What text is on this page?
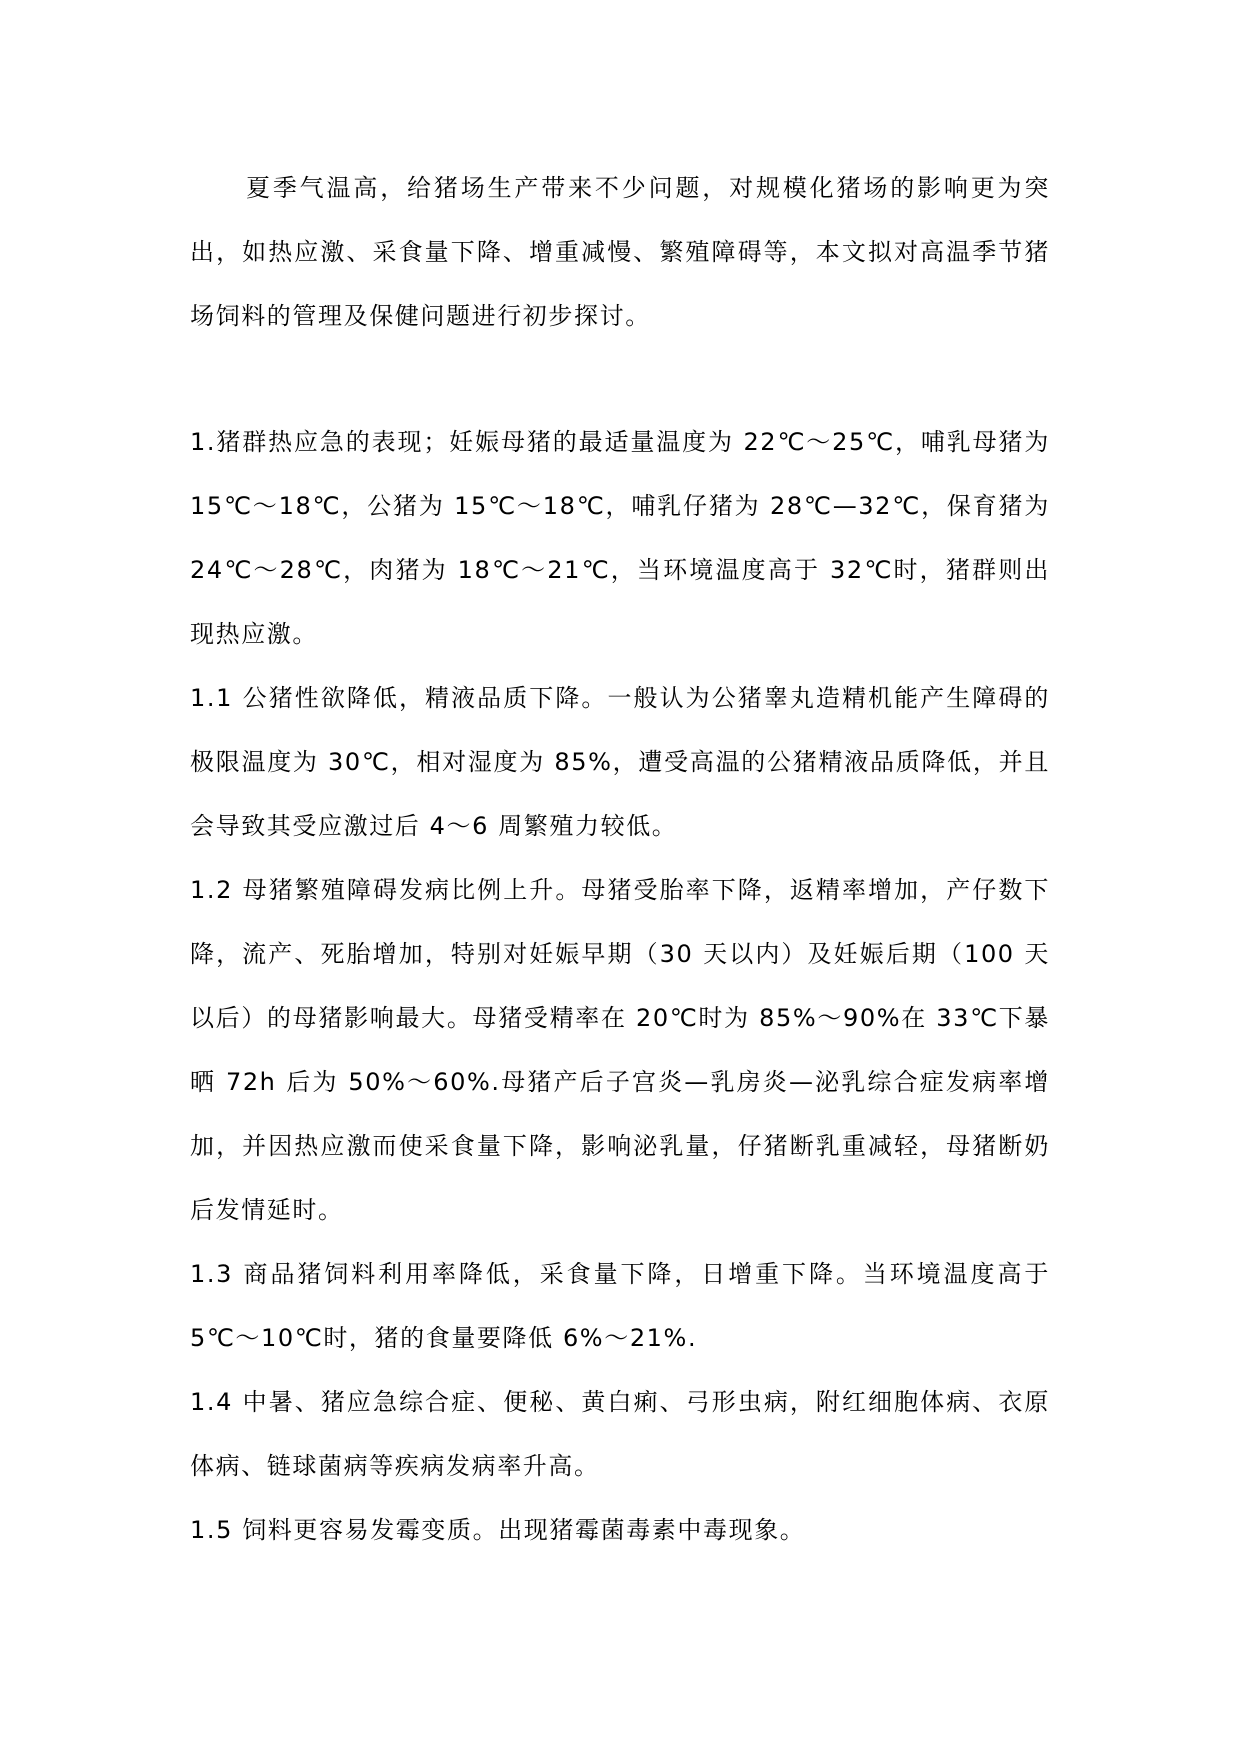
夏季气温高，给猪场生产带来不少问题，对规模化猪场的影响更为突出，如热应激、采食量下降、增重减慢、繁殖障碍等，本文拟对高温季节猪场饲料的管理及保健问题进行初步探讨。

1.猪群热应急的表现；妊娠母猪的最适量温度为 22℃～25℃，哺乳母猪为 15℃～18℃，公猪为 15℃～18℃，哺乳仔猪为 28℃—32℃，保育猪为 24℃～28℃，肉猪为 18℃～21℃，当环境温度高于 32℃时，猪群则出现热应激。

1.1 公猪性欲降低，精液品质下降。一般认为公猪睾丸造精机能产生障碍的极限温度为 30℃，相对湿度为 85%，遭受高温的公猪精液品质降低，并且会导致其受应激过后 4～6 周繁殖力较低。

1.2 母猪繁殖障碍发病比例上升。母猪受胎率下降，返精率增加，产仔数下降，流产、死胎增加，特别对妊娠早期（30 天以内）及妊娠后期（100 天以后）的母猪影响最大。母猪受精率在 20℃时为 85%～90%在 33℃下暴晒 72h 后为 50%～60%.母猪产后子宫炎—乳房炎—泌乳综合症发病率增加，并因热应激而使采食量下降，影响泌乳量，仔猪断乳重减轻，母猪断奶后发情延时。

1.3 商品猪饲料利用率降低，采食量下降，日增重下降。当环境温度高于 5℃～10℃时，猪的食量要降低 6%～21%.

1.4 中暑、猪应急综合症、便秘、黄白痢、弓形虫病，附红细胞体病、衣原体病、链球菌病等疾病发病率升高。

1.5 饲料更容易发霉变质。出现猪霉菌毒素中毒现象。
